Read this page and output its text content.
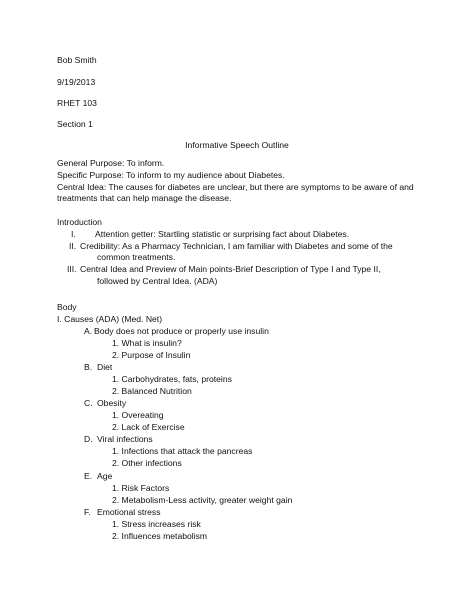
Bob Smith
9/19/2013
RHET 103
Section 1
Informative Speech Outline
General Purpose: To inform.
Specific Purpose: To inform to my audience about Diabetes.
Central Idea: The causes for diabetes are unclear, but there are symptoms to be aware of and
treatments that can help manage the disease.
Introduction
I. Attention getter: Startling statistic or surprising fact about Diabetes.
II. Credibility: As a Pharmacy Technician, I am familiar with Diabetes and some of the
common treatments.
III. Central Idea and Preview of Main points-Brief Description of Type I and Type II,
followed by Central Idea. (ADA)
Body
I. Causes (ADA) (Med. Net)
A. Body does not produce or properly use insulin
1. What is insulin?
2. Purpose of Insulin
B. Diet
1. Carbohydrates, fats, proteins
2. Balanced Nutrition
C. Obesity
1. Overeating
2. Lack of Exercise
D. Viral infections
1. Infections that attack the pancreas
2. Other infections
E. Age
1. Risk Factors
2. Metabolism-Less activity, greater weight gain
F. Emotional stress
1. Stress increases risk
2. Influences metabolism
